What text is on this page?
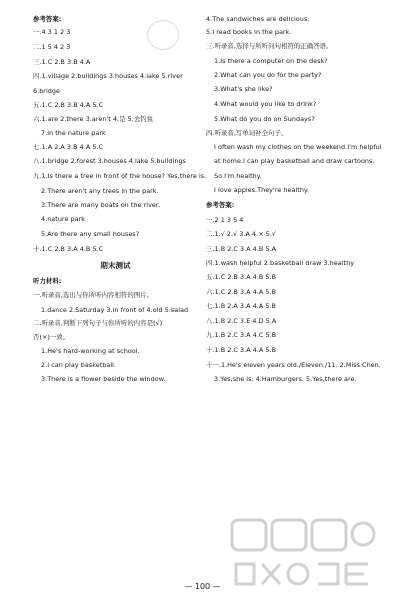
参考答案:
一.4 3 1 2 3
二.1 5 4 2 3
三.1.C 2.B 3.B 4.A
四.1.village 2.buildings 3.houses 4.lake 5.river
6.bridge
五.1.C 2.B 3.B 4.A 5.C
六.1.are 2.there 3.aren't 4.是 5.去钓鱼
7.in the nature park
七.1.A 2.A 3.B 4.A 5.C
八.1.bridge 2.forest 3.houses 4.lake 5.buildings
九.1.Is there a tree in front of the house? Yes,there is.
2.There aren't any trees in the park.
3.There are many boats on the river.
4.nature park
5.Are there any small houses?
十.1.C 2.B 3.A 4.B 5.C
期末测试
听力材料:
一.听录音,选出与你所听内容相符的图片。
1.dance 2.Saturday 3.in front of 4.old 5.salad
二.听录音,判断下列句子与你所听的内容是(√)
否(×)一致。
1.He's hard-working at school.
2.I can play basketball.
3.There is a flower beside the window.
4.The sandwiches are delicious.
5.I read books in the park.
三.听录音,选择与所听问句相符的正确答语。
1.Is there a computer on the desk?
2.What can you do for the party?
3.What's she like?
4.What would you like to drink?
5.What do you do on Sundays?
四.听录音,写单词补全句子。
I often wash my clothes on the weekend.I'm helpful
at home.I can play basketball and draw cartoons.
So I'm healthy.
I love apples.They're healthy.
参考答案:
一.2 1 3 5 4
二.1.√ 2.√ 3.A 4.× 5.√
三.1.B 2.C 3.A 4.B 5.A
四.1.wash helpful 2.basketball draw 3.healthy
五.1.C 2.B 3.A 4.B 5.B
六.1.C 2.B 3.A 4.A 5.B
七.1.B 2.A 3.A 4.A 5.B
八.1.B 2.C 3.E 4.D 5.A
九.1.B 2.C 3.A 4.C 5.B
十.1.B 2.C 3.A 4.A 5.B
十一.1.He's eleven years old./Eleven./11. 2.Miss Chen.
3.Yes,she is. 4.Hamburgers. 5.Yes,there are.
— 100 —
